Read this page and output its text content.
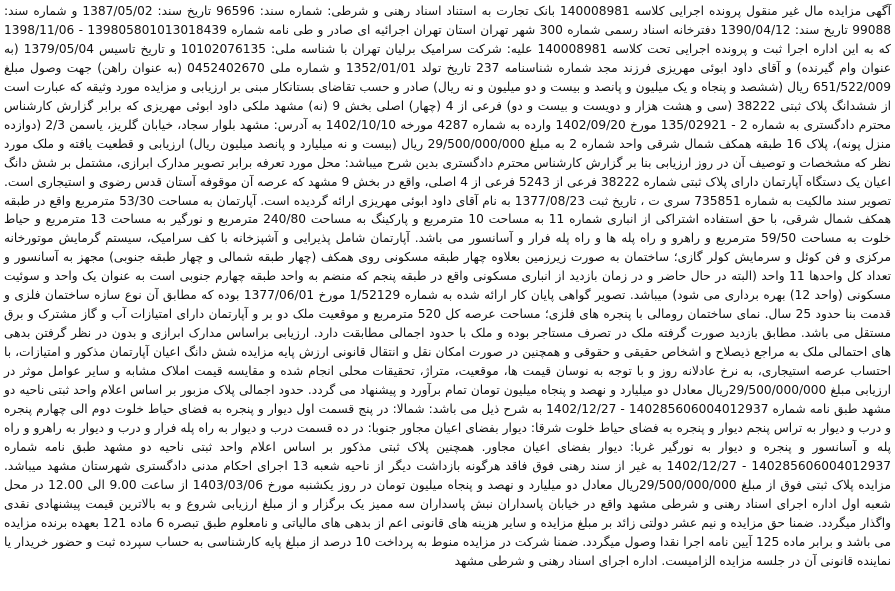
آگهی مزایده مال غیر منقول پرونده اجرایی کلاسه 140008981 بانک تجارت به استناد اسناد رهنی و شرطی: شماره سند: 96596 تاریخ سند: 1387/05/02 و شماره سند: 99088 تاریخ سند: 1390/04/12 دفترخانه اسناد رسمی شماره 300 شهر تهران استان تهران اجرائیه ای صادر و طی نامه شماره 139805801013018439 - 1398/11/06 که به این اداره اجرا ثبت و پرونده اجرایی تحت کلاسه 140008981 علیه: شرکت سرامیک برلیان تهران با شناسه ملی: 10102076135 و تاریخ تاسیس 1379/05/04 (به عنوان وام گیرنده) و آقای داود ابوئی مهریزی فرزند مجد شماره شناسنامه 237 تاریخ تولد 1352/01/01 و شماره ملی 0452402670 (به عنوان راهن) جهت وصول مبلغ 651/522/009 ریال (ششصد و پنجاه و یک میلیون و پانصد و بیست و دو میلیون و نه ریال) صادر و حسب تقاضای بستانکار مبنی بر ارزیابی و مزایده مورد وثیقه که عبارت است از ششدانگ پلاک ثبتی 38222 (سی و هشت هزار و دویست و بیست و دو) فرعی از 4 (چهار) اصلی بخش 9 (نه) مشهد ملکی داود ابوئی مهریزی که برابر گزارش کارشناس محترم دادگستری به شماره 2 - 135/02921 مورخ 1402/09/20 وارده به شماره 4287 مورخه 1402/10/10 به آدرس: مشهد بلوار سجاد، خیابان گلریز، یاسمن 2/3 (دوازده منزل پونه)، پلاک 16 طبقه همکف شمال شرقی واحد شماره 2 به مبلغ 29/500/000/000 ریال (بیست و نه میلیارد و پانصد میلیون ریال) ارزیابی و قطعیت یافته و ملک مورد نظر که مشخصات و توصیف آن در روز ارزیابی بنا بر گزارش کارشناس محترم دادگستری بدین شرح میباشد: محل مورد تعرفه برابر تصویر مدارک ابرازی، مشتمل بر شش دانگ اعیان یک دستگاه آپارتمان دارای پلاک ثبتی شماره 38222 فرعی از 5243 فرعی از 4 اصلی، واقع در بخش 9 مشهد که عرصه آن موقوفه آستان قدس رضوی و استیجاری است. تصویر سند مالکیت به شماره 735851 سری ت ، تاریخ ثبت 1377/08/23 به نام آقای داود ابوئی مهریزی ارائه گردیده است. آپارتمان به مساحت 53/30 مترمربع واقع در طبقه همکف شمال شرقی، با حق استفاده اشتراکی از انباری شماره 11 به مساحت 10 مترمربع و پارکینگ به مساحت 240/80 مترمربع و نورگیر به مساحت 13 مترمربع و حیاط خلوت به مساحت 59/50 مترمربع و راهرو و راه پله ها و راه پله فرار و آسانسور می باشد. آپارتمان شامل پذیرایی و آشپزخانه با کف سرامیک، سیستم گرمایش موتورخانه مرکزی و فن کوئل و سرمایش کولر گازی؛ ساختمان به صورت زیرزمین بعلاوه چهار طبقه مسکونی روی همکف (چهار طبقه شمالی و چهار طبقه جنوبی) مجهز به آسانسور و تعداد کل واحدها 11 واحد (البته در حال حاضر و در زمان بازدید از انباری مسکونی واقع در طبقه پنجم که منضم به واحد طبقه چهارم جنوبی است به عنوان یک واحد و سوئیت مسکونی (واحد 12) بهره برداری می شود) میباشد. تصویر گواهی پایان کار ارائه شده به شماره 1/52129 مورخ 1377/06/01 بوده که مطابق آن نوع سازه ساختمان فلزی و قدمت بنا حدود 25 سال. نمای ساختمان رومالی با پنجره های فلزی؛ مساحت عرصه کل 520 مترمربع و موقعیت ملک دو بر و آپارتمان دارای امتیازات آب و گاز مشترک و برق مستقل می باشد. مطابق بازدید صورت گرفته ملک در تصرف مستاجر بوده و ملک با حدود اجمالی مطابقت دارد. ارزیابی براساس مدارک ابرازی و بدون در نظر گرفتن بدهی های احتمالی ملک به مراجع ذیصلاح و اشخاص حقیقی و حقوقی و همچنین در صورت امکان نقل و انتقال قانونی ارزش پایه مزایده شش دانگ اعیان آپارتمان مذکور و امتیازات، با احتساب عرصه استیجاری، به نرخ عادلانه روز و با توجه به نوسان قیمت ها، موقعیت، متراژ، تحقیقات محلی انجام شده و مقایسه قیمت املاک مشابه و سایر عوامل موثر در ارزیابی مبلغ 29/500/000/000ریال معادل دو میلیارد و نهصد و پنجاه میلیون تومان تمام برآورد و پیشنهاد می گردد. حدود اجمالی پلاک مزبور بر اساس اعلام واحد ثبتی ناحیه دو مشهد طبق نامه شماره 140285606004012937 - 1402/12/27 به شرح ذیل می باشد: شمالا: در پنج قسمت اول دیوار و پنجره به فضای حیاط خلوت دوم الی چهارم پنجره و درب و دیوار به تراس پنجم دیوار و پنجره به فضای حیاط خلوت شرقا: دیوار بفضای اعیان مجاور جنوبا: در ده قسمت درب و دیوار به راه پله فرار و درب و دیوار به راهرو و راه پله و آسانسور و پنجره و دیوار به نورگیر غربا: دیوار بفضای اعیان مجاور. همچنین پلاک ثبتی مذکور بر اساس اعلام واحد ثبتی ناحیه دو مشهد طبق نامه شماره 140285606004012937 - 1402/12/27 به غیر از سند رهنی فوق فاقد هرگونه بازداشت دیگر از ناحیه شعبه 13 اجرای احکام مدنی دادگستری شهرستان مشهد میباشد. مزایده پلاک ثبتی فوق از مبلغ 29/500/000/000ریال معادل دو میلیارد و نهصد و پنجاه میلیون تومان در روز یکشنبه مورخ 1403/03/06 از ساعت 9.00 الی 12.00 در محل شعبه اول اداره اجرای اسناد رهنی و شرطی مشهد واقع در خیابان پاسداران نبش پاسداران سه ممیز یک برگزار و از مبلغ ارزیابی شروع و به بالاترین قیمت پیشنهادی نقدی واگذار میگردد. ضمنا حق مزایده و نیم عشر دولتی زائد بر مبلغ مزایده و سایر هزینه های قانونی اعم از بدهی های مالیاتی و نامعلوم طبق تبصره 6 ماده 121 بعهده برنده مزایده می باشد و برابر ماده 125 آیین نامه اجرا نقدا وصول میگردد. ضمنا شرکت در مزایده منوط به پرداخت 10 درصد از مبلغ پایه کارشناسی به حساب سپرده ثبت و حضور خریدار یا نماینده قانونی آن در جلسه مزایده الزامیست. اداره اجرای اسناد رهنی و شرطی مشهد
